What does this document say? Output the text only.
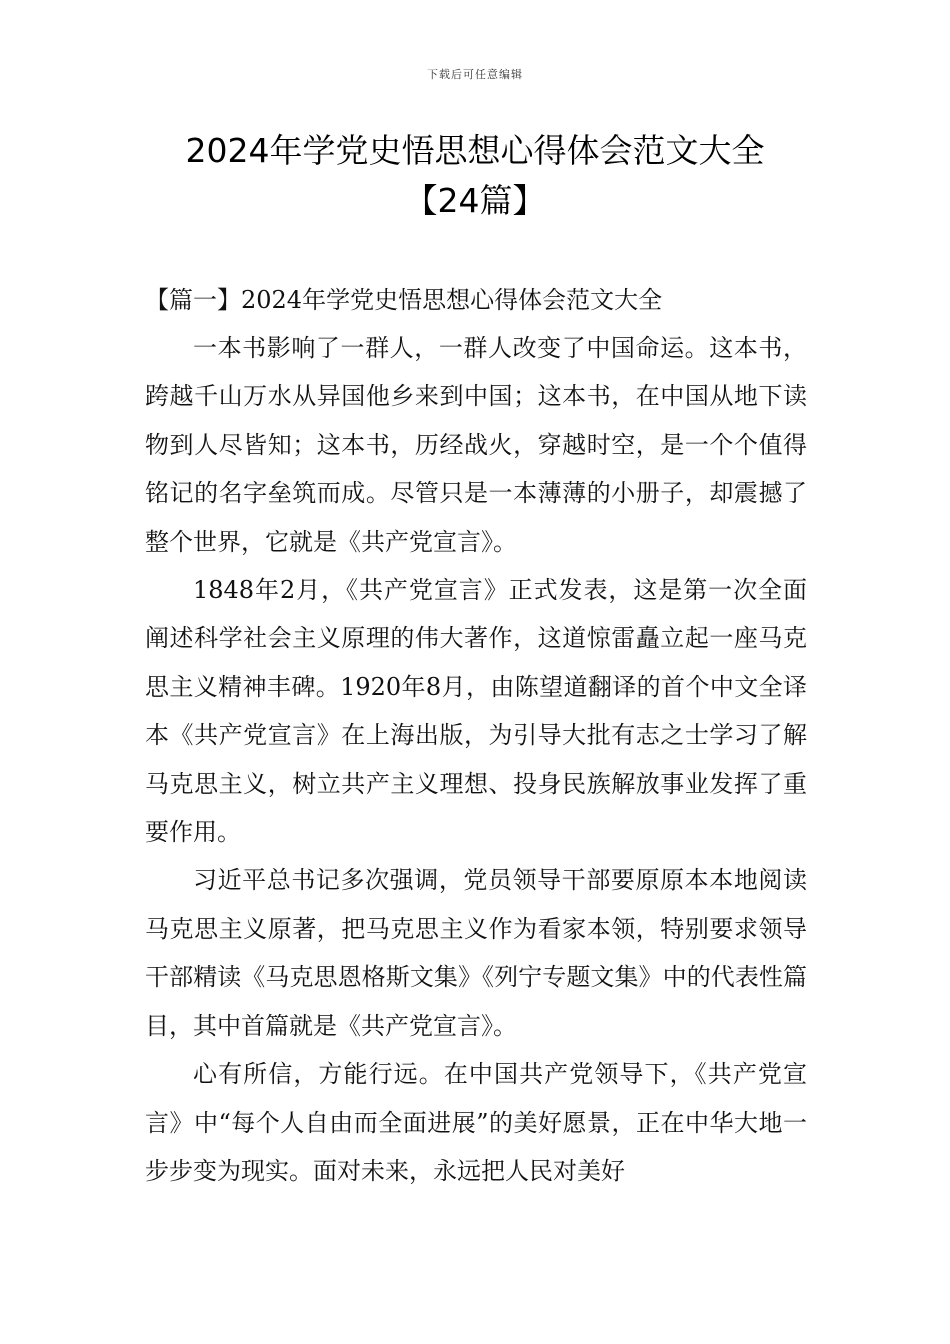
下载后可任意编辑
2024年学党史悟思想心得体会范文大全
【24篇】

【篇一】2024年学党史悟思想心得体会范文大全

一本书影响了一群人，一群人改变了中国命运。这本书，跨越千山万水从异国他乡来到中国；这本书，在中国从地下读物到人尽皆知；这本书，历经战火，穿越时空，是一个个值得铭记的名字垒筑而成。尽管只是一本薄薄的小册子，却震撼了整个世界，它就是《共产党宣言》。

1848年2月，《共产党宣言》正式发表，这是第一次全面阐述科学社会主义原理的伟大著作，这道惊雷矗立起一座马克思主义精神丰碑。1920年8月，由陈望道翻译的首个中文全译本《共产党宣言》在上海出版，为引导大批有志之士学习了解马克思主义，树立共产主义理想、投身民族解放事业发挥了重要作用。

习近平总书记多次强调，党员领导干部要原原本本地阅读马克思主义原著，把马克思主义作为看家本领，特别要求领导干部精读《马克思恩格斯文集》《列宁专题文集》中的代表性篇目，其中首篇就是《共产党宣言》。

心有所信，方能行远。在中国共产党领导下，《共产党宣言》中“每个人自由而全面进展”的美好愿景，正在中华大地一步步变为现实。面对未来，永远把人民对美好
